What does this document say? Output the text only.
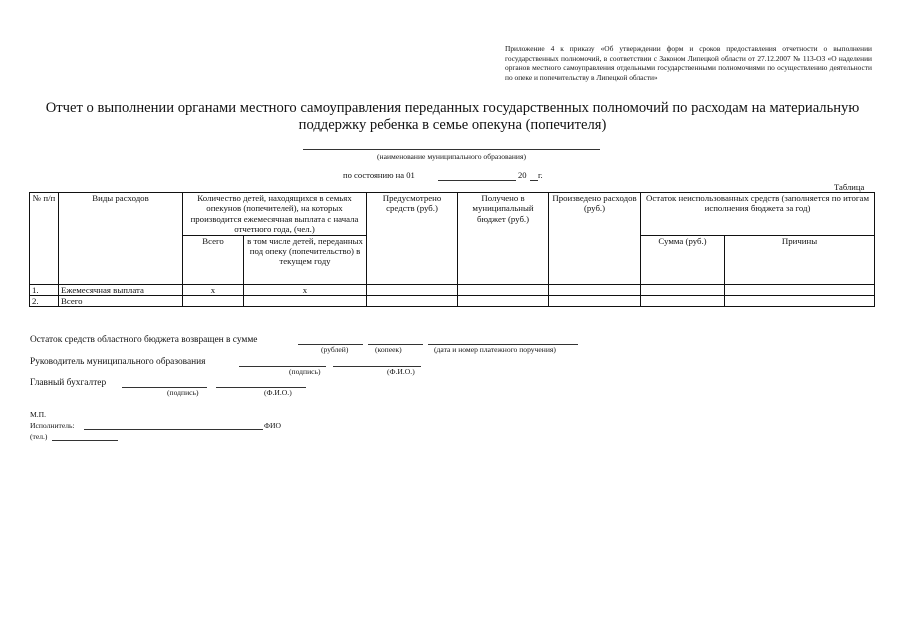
Приложение 4 к приказу «Об утверждении форм и сроков предоставления отчетности о выполнении государственных полномочий, в соответствии с Законом Липецкой области от 27.12.2007 № 113-ОЗ «О наделении органов местного самоуправления отдельными государственными полномочиями по осуществлению деятельности по опеке и попечительству в Липецкой области»
Отчет о выполнении органами местного самоуправления переданных государственных полномочий по расходам на материальную поддержку ребенка в семье опекуна (попечителя)
(наименование муниципального образования)
по состоянию на 01	20 г.
Таблица
№ п/п	Виды расходов	Количество детей, находящихся в семьях опекунов (попечителей), на которых производится ежемесячная выплата с начала отчетного года, (чел.)		Предусмотрено средств (руб.)	Получено в муниципальный бюджет (руб.)	Произведено расходов (руб.)	Остаток неиспользованных средств (заполняется по итогам исполнения бюджета за год)	
		Всего	в том числе детей, переданных под опеку (попечительство) в текущем году				Сумма (руб.)	Причины
1.	Ежемесячная выплата	x	x					
2.	Всего							
Остаток средств областного бюджета возвращен в сумме
(рублей)	(копеек)	(дата и номер платежного поручения)
Руководитель муниципального образования
(подпись)	(Ф.И.О.)
Главный бухгалтер
(подпись)	(Ф.И.О.)
М.П.
Исполнитель:	ФИО
(тел.)
